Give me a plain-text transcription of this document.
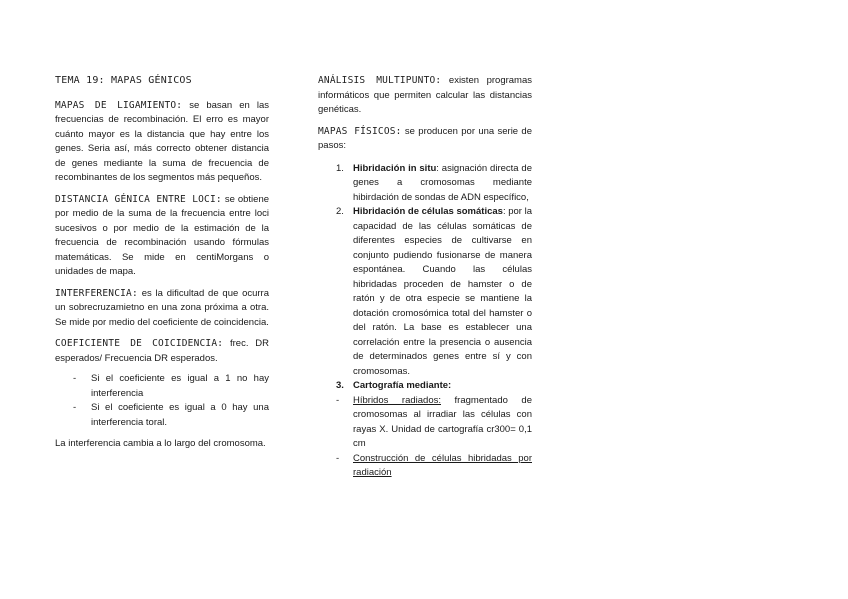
TEMA 19: MAPAS GÉNICOS

MAPAS DE LIGAMIENTO: se basan en las frecuencias de recombinación. El erro es mayor cuánto mayor es la distancia que hay entre los genes. Seria así, más correcto obtener distancia de genes mediante la suma de frecuencia de recombinantes de los segmentos más pequeños.

DISTANCIA GÉNICA ENTRE LOCI: se obtiene por medio de la suma de la frecuencia entre loci sucesivos o por medio de la estimación de la frecuencia de recombinación usando fórmulas matemáticas. Se mide en centiMorgans o unidades de mapa.

INTERFERENCIA: es la dificultad de que ocurra un sobrecruzamietno en una zona próxima a otra. Se mide por medio del coeficiente de coincidencia.

COEFICIENTE DE COICIDENCIA: frec. DR esperados/ Frecuencia DR esperados.

- Si el coeficiente es igual a 1 no hay interferencia
- Si el coeficiente es igual a 0 hay una interferencia toral.

La interferencia cambia a lo largo del cromosoma.

ANÁLISIS MULTIPUNTO: existen programas informáticos que permiten calcular las distancias genéticas.

MAPAS FÍSICOS: se producen por una serie de pasos:

1. Hibridación in situ: asignación directa de genes a cromosomas mediante hibirdación de sondas de ADN específico,
2. Hibridación de células somáticas: por la capacidad de las células somáticas de diferentes especies de cultivarse en conjunto pudiendo fusionarse de manera espontánea. Cuando las células hibridadas proceden de hamster o de ratón y de otra especie se mantiene la dotación cromosómica total del hamster o del ratón. La base es establecer una correlación entre la presencia o ausencia de determinados genes entre sí y con cromosomas.
3. Cartografía mediante:
- Híbridos radiados: fragmentado de cromosomas al irradiar las células con rayas X. Unidad de cartografía cr300= 0,1 cm
- Construcción de células hibridadas por radiación
